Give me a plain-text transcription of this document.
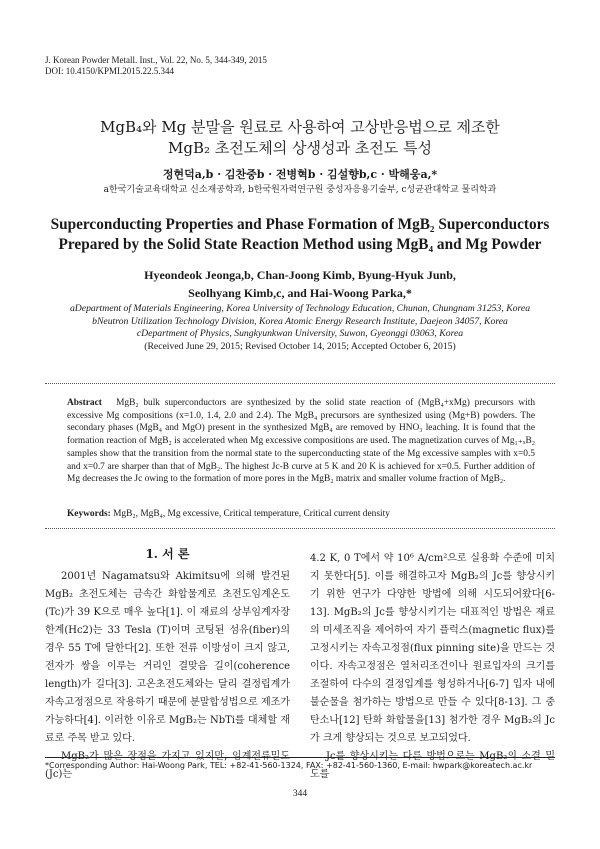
J. Korean Powder Metall. Inst., Vol. 22, No. 5, 344-349, 2015
DOI: 10.4150/KPMI.2015.22.5.344
MgB₄와 Mg 분말을 원료로 사용하여 고상반응법으로 제조한
MgB₂ 초전도체의 상생성과 초전도 특성
정현덕a,b · 김찬중b · 전병혁b · 김설향b,c · 박해웅a,*
a한국기술교육대학교 신소재공학과, b한국원자력연구원 중성자응용기술부, c성균관대학교 물리학과
Superconducting Properties and Phase Formation of MgB₂ Superconductors
Prepared by the Solid State Reaction Method using MgB₄ and Mg Powder
Hyeondeok Jeonga,b, Chan-Joong Kimb, Byung-Hyuk Junb,
Seolhyang Kimb,c, and Hai-Woong Parka,*
aDepartment of Materials Engineering, Korea University of Technology Education, Chunan, Chungnam 31253, Korea
bNeutron Utilization Technology Division, Korea Atomic Energy Research Institute, Daejeon 34057, Korea
cDepartment of Physics, Sungkyunkwan University, Suwon, Gyeonggi 03063, Korea
(Received June 29, 2015; Revised October 14, 2015; Accepted October 6, 2015)
Abstract MgB₂ bulk superconductors are synthesized by the solid state reaction of (MgB₄+xMg) precursors with excessive Mg compositions (x=1.0, 1.4, 2.0 and 2.4). The MgB₄ precursors are synthesized using (Mg+B) powders. The secondary phases (MgB₄ and MgO) present in the synthesized MgB₄ are removed by HNO₃ leaching. It is found that the formation reaction of MgB₂ is accelerated when Mg excessive compositions are used. The magnetization curves of Mg₁₊ₓB₂ samples show that the transition from the normal state to the superconducting state of the Mg excessive samples with x=0.5 and x=0.7 are sharper than that of MgB₂. The highest Jc-B curve at 5 K and 20 K is achieved for x=0.5. Further addition of Mg decreases the Jc owing to the formation of more pores in the MgB₂ matrix and smaller volume fraction of MgB₂.
Keywords: MgB₂, MgB₄, Mg excessive, Critical temperature, Critical current density
1. 서 론

2001년 Nagamatsu와 Akimitsu에 의해 발견된 MgB₂ 초전도체는 금속간 화합물계로 초전도임계온도(Tc)가 39 K으로 매우 높다[1]. 이 재료의 상부임계자장한계(Hc2)는 33 Tesla (T)이며 코팅된 섬유(fiber)의 경우 55 T에 달한다[2]. 또한 전류 이방성이 크지 않고, 전자가 쌍을 이루는 거리인 결맞음 길이(coherence length)가 길다[3]. 고온초전도체와는 달리 결정립계가 자속고정점으로 작용하기 때문에 분말합성법으로 제조가 가능하다[4]. 이러한 이유로 MgB₂는 NbTi를 대체할 재료로 주목 받고 있다.

MgB₂가 많은 장점을 가지고 있지만, 임계전류밀도(Jc)는

4.2 K, 0 T에서 약 10⁶ A/cm²으로 실용화 수준에 미치지 못한다[5]. 이를 해결하고자 MgB₂의 Jc를 향상시키기 위한 연구가 다양한 방법에 의해 시도되어왔다[6-13]. MgB₂의 Jc를 향상시키기는 대표적인 방법은 재료의 미세조직을 제어하여 자기 플럭스(magnetic flux)를 고정시키는 자속고정점(flux pinning site)을 만드는 것이다. 자속고정점은 열처리조건이나 원료입자의 크기를 조절하여 다수의 결정입계를 형성하거나[6-7] 입자 내에 불순물을 첨가하는 방법으로 만들 수 있다[8-13]. 그 중 탄소나[12] 탄화 화합물을[13] 첨가한 경우 MgB₂의 Jc가 크게 향상되는 것으로 보고되었다.

Jc를 향상시키는 다른 방법으로는 MgB₂의 소결 밀도를

*Corresponding Author: Hai-Woong Park, TEL: +82-41-560-1324, FAX: +82-41-560-1360, E-mail: hwpark@koreatech.ac.kr
344
